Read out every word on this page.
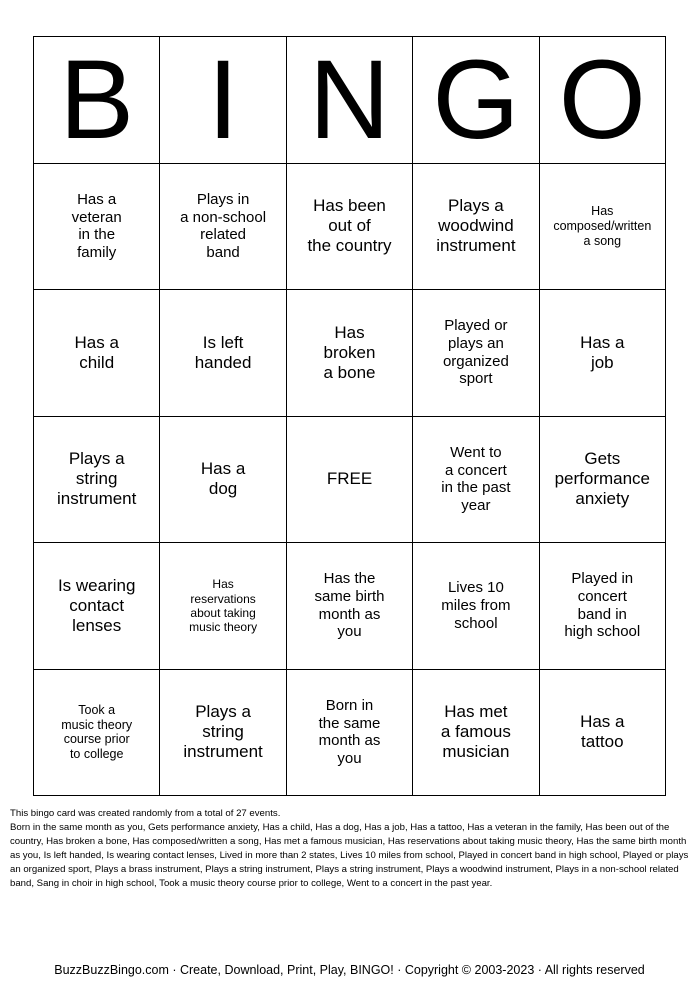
B I N G O
Has a
veteran
in the
family
Plays in
a non-school
related
band
Has been
out of
the country
Plays a
woodwind
instrument
Has
composed/written
a song
Has a
child
Is left
handed
Has
broken
a bone
Played or
plays an
organized
sport
Has a
job
Plays a
string
instrument
Has a
dog
FREE
Went to
a concert
in the past
year
Gets
performance
anxiety
Is wearing
contact
lenses
Has
reservations
about taking
music theory
Has the
same birth
month as
you
Lives 10
miles from
school
Played in
concert
band in
high school
Took a
music theory
course prior
to college
Plays a
string
instrument
Born in
the same
month as
you
Has met
a famous
musician
Has a
tattoo
This bingo card was created randomly from a total of 27 events.
Born in the same month as you, Gets performance anxiety, Has a child, Has a dog, Has a job, Has a tattoo, Has a veteran in the family, Has been out of the country, Has broken a bone, Has composed/written a song, Has met a famous musician, Has reservations about taking music theory, Has the same birth month as you, Is left handed, Is wearing contact lenses, Lived in more than 2 states, Lives 10 miles from school, Played in concert band in high school, Played or plays an organized sport, Plays a brass instrument, Plays a string instrument, Plays a string instrument, Plays a woodwind instrument, Plays in a non-school related band, Sang in choir in high school, Took a music theory course prior to college, Went to a concert in the past year.
BuzzBuzzBingo.com · Create, Download, Print, Play, BINGO! · Copyright © 2003-2023 · All rights reserved
